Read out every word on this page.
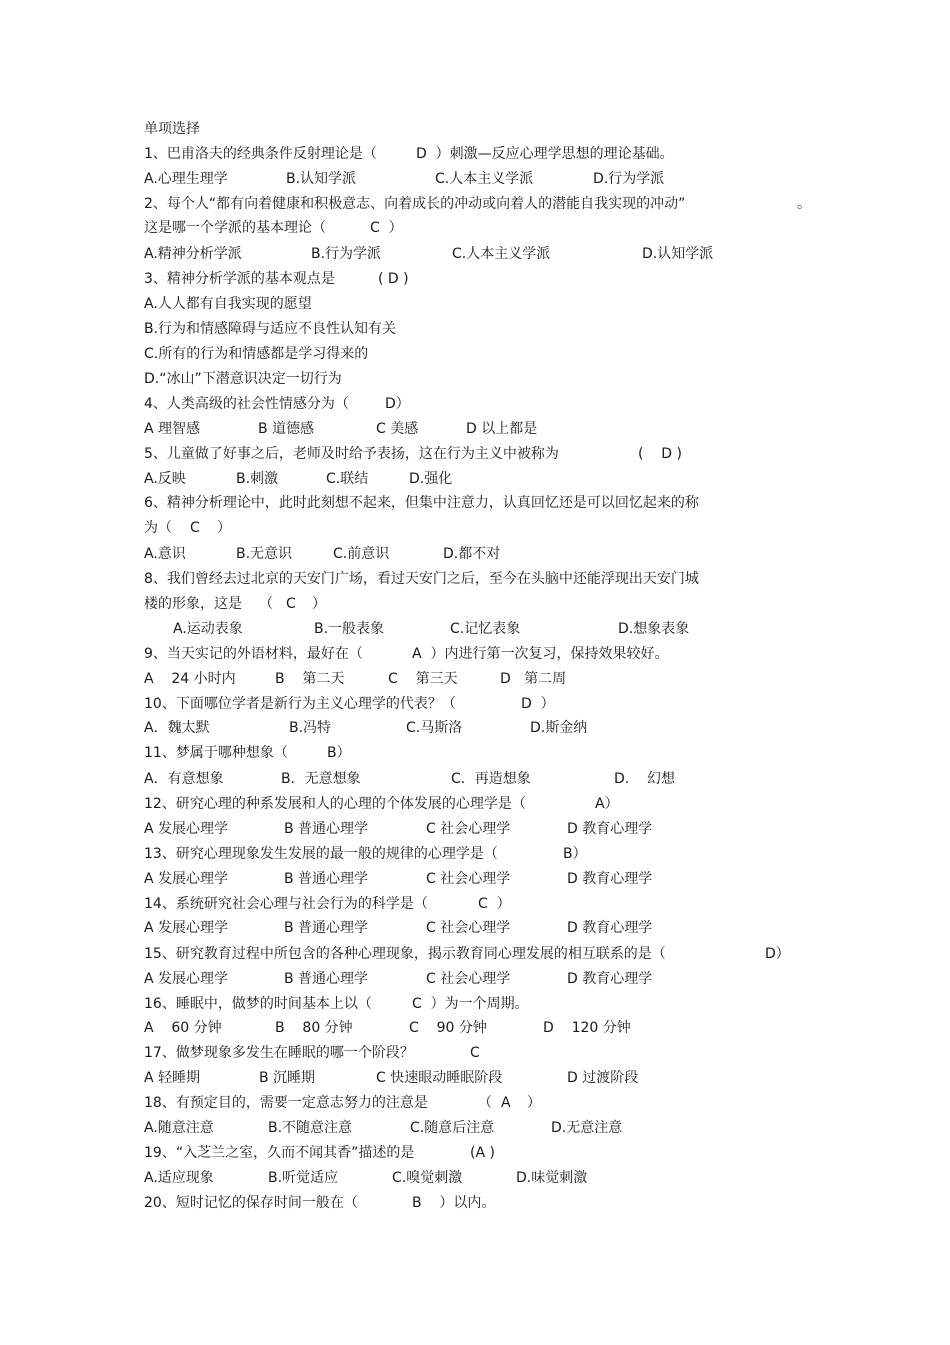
单项选择
1、巴甫洛夫的经典条件反射理论是（	D  ）刺激—反应心理学思想的理论基础。
A.心理生理学	B.认知学派	C.人本主义学派	D.行为学派
2、每个人“都有向着健康和积极意志、向着成长的冲动或向着人的潜能自我实现的冲动”	。
这是哪一个学派的基本理论（	C  ）
A.精神分析学派	B.行为学派	C.人本主义学派	D.认知学派
3、精神分析学派的基本观点是	( D )
A.人人都有自我实现的愿望
B.行为和情感障碍与适应不良性认知有关
C.所有的行为和情感都是学习得来的
D.“冰山”下潜意识决定一切行为
4、人类高级的社会性情感分为（	D）
A 理智感	B 道德感	C 美感	D 以上都是
5、儿童做了好事之后，老师及时给予表扬，这在行为主义中被称为	(    D )
A.反映	B.刺激	C.联结	D.强化
6、精神分析理论中，此时此刻想不起来，但集中注意力，认真回忆还是可以回忆起来的称
为（ C ）
A.意识	B.无意识	C.前意识	D.都不对
8、我们曾经去过北京的天安门广场，看过天安门之后，至今在头脑中还能浮现出天安门城
楼的形象，这是 （ C ）
A.运动表象	B.一般表象	C.记忆表象	D.想象表象
9、当天实记的外语材料，最好在（	A  ）内进行第一次复习，保持效果较好。
A    24 小时内	B    第二天	C    第三天	D   第二周
10、下面哪位学者是新行为主义心理学的代表？（	D  ）
A．魏太默	B.冯特	C.马斯洛	D.斯金纳
11、梦属于哪种想象（	B）
A．有意想象	B．无意想象	C．再造想象	D.    幻想
12、研究心理的种系发展和人的心理的个体发展的心理学是（	A）
A 发展心理学	B 普通心理学	C 社会心理学	D 教育心理学
13、研究心理现象发生发展的最一般的规律的心理学是（	B）
A 发展心理学	B 普通心理学	C 社会心理学	D 教育心理学
14、系统研究社会心理与社会行为的科学是（	C  ）
A 发展心理学	B 普通心理学	C 社会心理学	D 教育心理学
15、研究教育过程中所包含的各种心理现象，揭示教育同心理发展的相互联系的是（	D）
A 发展心理学	B 普通心理学	C 社会心理学	D 教育心理学
16、睡眠中，做梦的时间基本上以（	C  ）为一个周期。
A    60 分钟	B    80 分钟	C    90 分钟	D    120 分钟
17、做梦现象多发生在睡眠的哪一个阶段？	C
A 轻睡期	B 沉睡期	C 快速眼动睡眠阶段	D 过渡阶段
18、有预定目的，需要一定意志努力的注意是	（ A ）
A.随意注意	B.不随意注意	C.随意后注意	D.无意注意
19、“入芝兰之室，久而不闻其香”描述的是	(A )
A.适应现象	B.听觉适应	C.嗅觉刺激	D.味觉刺激
20、短时记忆的保存时间一般在（	B    ）以内。
